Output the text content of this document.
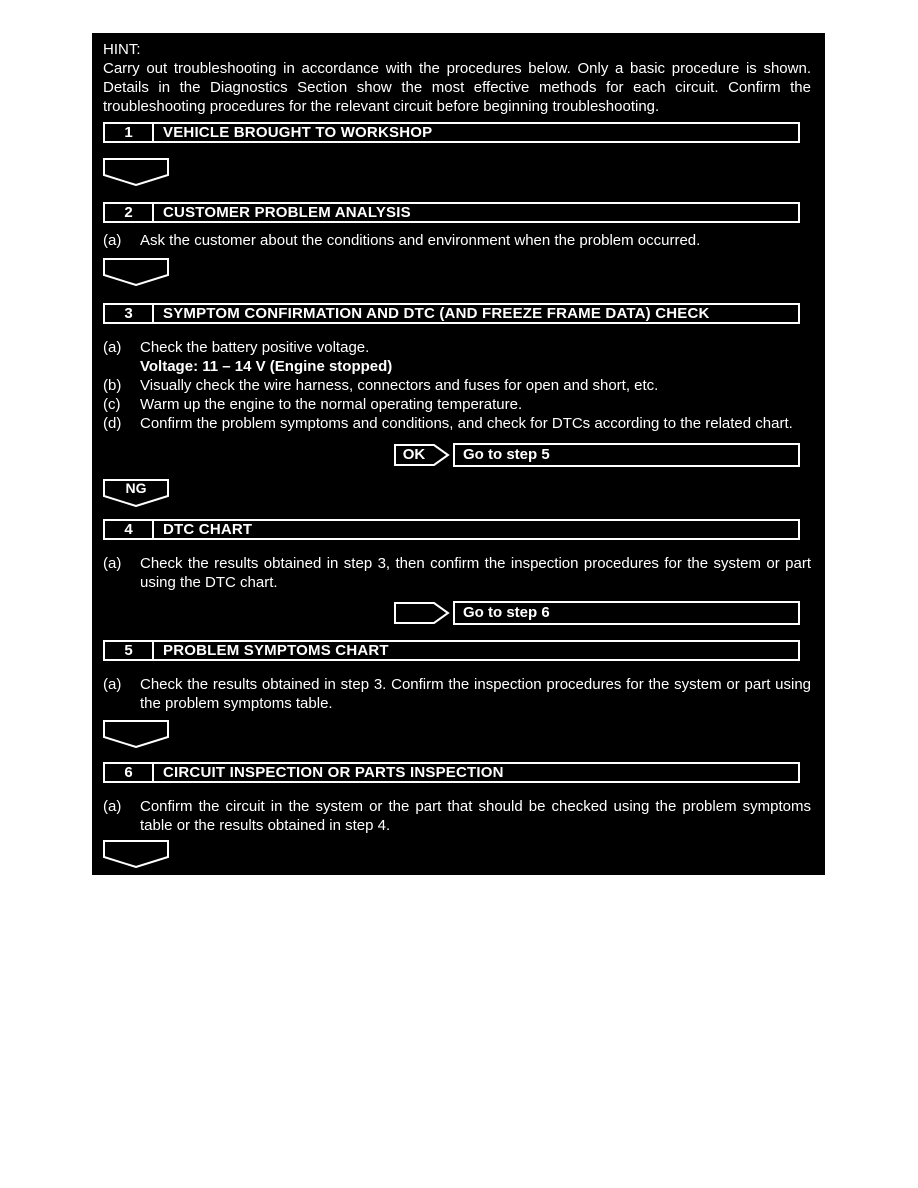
HINT:
Carry out troubleshooting in accordance with the procedures below. Only a basic procedure is shown. Details in the Diagnostics Section show the most effective methods for each circuit. Confirm the troubleshooting procedures for the relevant circuit before beginning troubleshooting.
1	VEHICLE BROUGHT TO WORKSHOP
2	CUSTOMER PROBLEM ANALYSIS
(a)	Ask the customer about the conditions and environment when the problem occurred.
3	SYMPTOM CONFIRMATION AND DTC (AND FREEZE FRAME DATA) CHECK
(a)	Check the battery positive voltage.
Voltage: 11 – 14 V (Engine stopped)
(b)	Visually check the wire harness, connectors and fuses for open and short, etc.
(c)	Warm up the engine to the normal operating temperature.
(d)	Confirm the problem symptoms and conditions, and check for DTCs according to the related chart.
OK	Go to step 5
NG
4	DTC CHART
(a)	Check the results obtained in step 3, then confirm the inspection procedures for the system or part using the DTC chart.
Go to step 6
5	PROBLEM SYMPTOMS CHART
(a)	Check the results obtained in step 3. Confirm the inspection procedures for the system or part using the problem symptoms table.
6	CIRCUIT INSPECTION OR PARTS INSPECTION
(a)	Confirm the circuit in the system or the part that should be checked using the problem symptoms table or the results obtained in step 4.
